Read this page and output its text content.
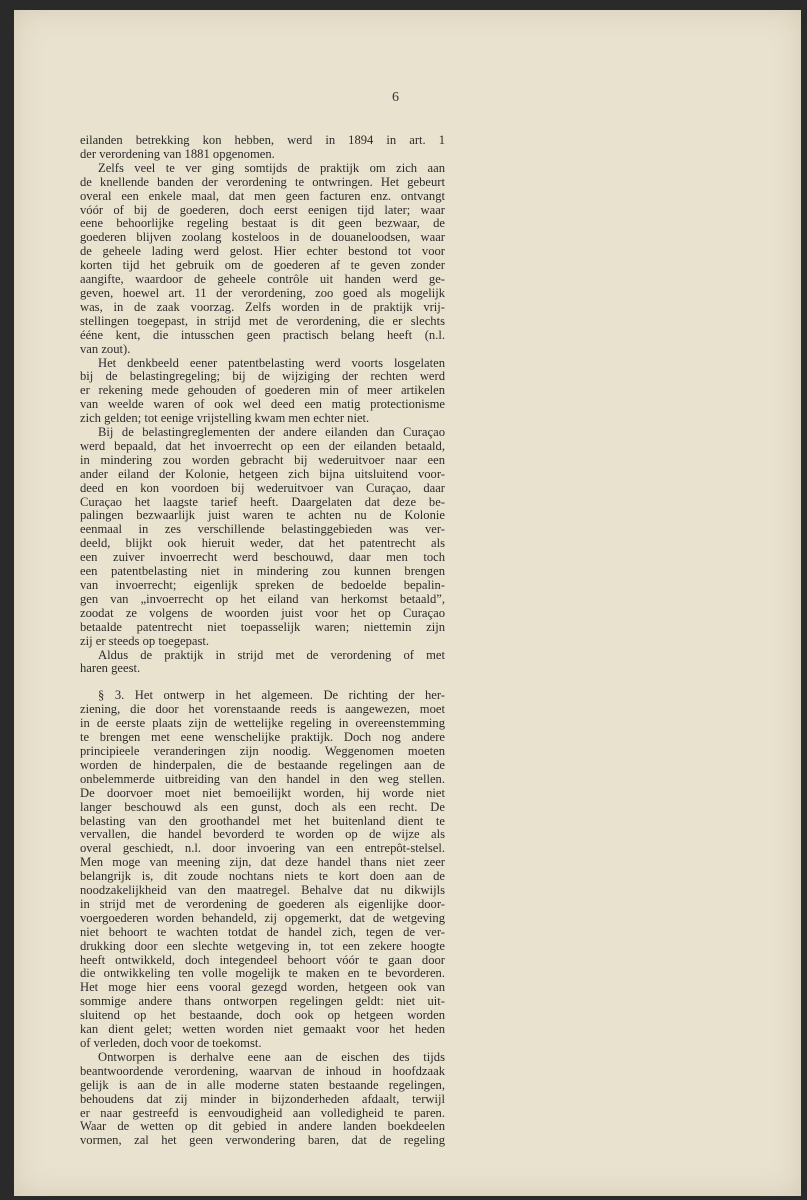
6
eilanden betrekking kon hebben, werd in 1894 in art. 1
der verordening van 1881 opgenomen.
Zelfs veel te ver ging somtijds de praktijk om zich aan
de knellende banden der verordening te ontwringen. Het gebeurt
overal een enkele maal, dat men geen facturen enz. ontvangt
vóór of bij de goederen, doch eerst eenigen tijd later; waar
eene behoorlijke regeling bestaat is dit geen bezwaar, de
goederen blijven zoolang kosteloos in de douaneloodsen, waar
de geheele lading werd gelost. Hier echter bestond tot voor
korten tijd het gebruik om de goederen af te geven zonder
aangifte, waardoor de geheele contrôle uit handen werd ge-
geven, hoewel art. 11 der verordening, zoo goed als mogelijk
was, in de zaak voorzag. Zelfs worden in de praktijk vrij-
stellingen toegepast, in strijd met de verordening, die er slechts
ééne kent, die intusschen geen practisch belang heeft (n.l.
van zout).
Het denkbeeld eener patentbelasting werd voorts losgelaten
bij de belastingregeling; bij de wijziging der rechten werd
er rekening mede gehouden of goederen min of meer artikelen
van weelde waren of ook wel deed een matig protectionisme
zich gelden; tot eenige vrijstelling kwam men echter niet.
Bij de belastingreglementen der andere eilanden dan Curaçao
werd bepaald, dat het invoerrecht op een der eilanden betaald,
in mindering zou worden gebracht bij wederuitvoer naar een
ander eiland der Kolonie, hetgeen zich bijna uitsluitend voor-
deed en kon voordoen bij wederuitvoer van Curaçao, daar
Curaçao het laagste tarief heeft. Daargelaten dat deze be-
palingen bezwaarlijk juist waren te achten nu de Kolonie
eenmaal in zes verschillende belastinggebieden was ver-
deeld, blijkt ook hieruit weder, dat het patentrecht als
een zuiver invoerrecht werd beschouwd, daar men toch
een patentbelasting niet in mindering zou kunnen brengen
van invoerrecht; eigenlijk spreken de bedoelde bepalin-
gen van „invoerrecht op het eiland van herkomst betaald”,
zoodat ze volgens de woorden juist voor het op Curaçao
betaalde patentrecht niet toepasselijk waren; niettemin zijn
zij er steeds op toegepast.
Aldus de praktijk in strijd met de verordening of met
haren geest.
§ 3. Het ontwerp in het algemeen. De richting der her-
ziening, die door het vorenstaande reeds is aangewezen, moet
in de eerste plaats zijn de wettelijke regeling in overeenstemming
te brengen met eene wenschelijke praktijk. Doch nog andere
principieele veranderingen zijn noodig. Weggenomen moeten
worden de hinderpalen, die de bestaande regelingen aan de
onbelemmerde uitbreiding van den handel in den weg stellen.
De doorvoer moet niet bemoeilijkt worden, hij worde niet
langer beschouwd als een gunst, doch als een recht. De
belasting van den groothandel met het buitenland dient te
vervallen, die handel bevorderd te worden op de wijze als
overal geschiedt, n.l. door invoering van een entrepôt-stelsel.
Men moge van meening zijn, dat deze handel thans niet zeer
belangrijk is, dit zoude nochtans niets te kort doen aan de
noodzakelijkheid van den maatregel. Behalve dat nu dikwijls
in strijd met de verordening de goederen als eigenlijke door-
voergoederen worden behandeld, zij opgemerkt, dat de wetgeving
niet behoort te wachten totdat de handel zich, tegen de ver-
drukking door een slechte wetgeving in, tot een zekere hoogte
heeft ontwikkeld, doch integendeel behoort vóór te gaan door
die ontwikkeling ten volle mogelijk te maken en te bevorderen.
Het moge hier eens vooral gezegd worden, hetgeen ook van
sommige andere thans ontworpen regelingen geldt: niet uit-
sluitend op het bestaande, doch ook op hetgeen worden
kan dient gelet; wetten worden niet gemaakt voor het heden
of verleden, doch voor de toekomst.
Ontworpen is derhalve eene aan de eischen des tijds
beantwoordende verordening, waarvan de inhoud in hoofdzaak
gelijk is aan de in alle moderne staten bestaande regelingen,
behoudens dat zij minder in bijzonderheden afdaalt, terwijl
er naar gestreefd is eenvoudigheid aan volledigheid te paren.
Waar de wetten op dit gebied in andere landen boekdeelen
vormen, zal het geen verwondering baren, dat de regeling
